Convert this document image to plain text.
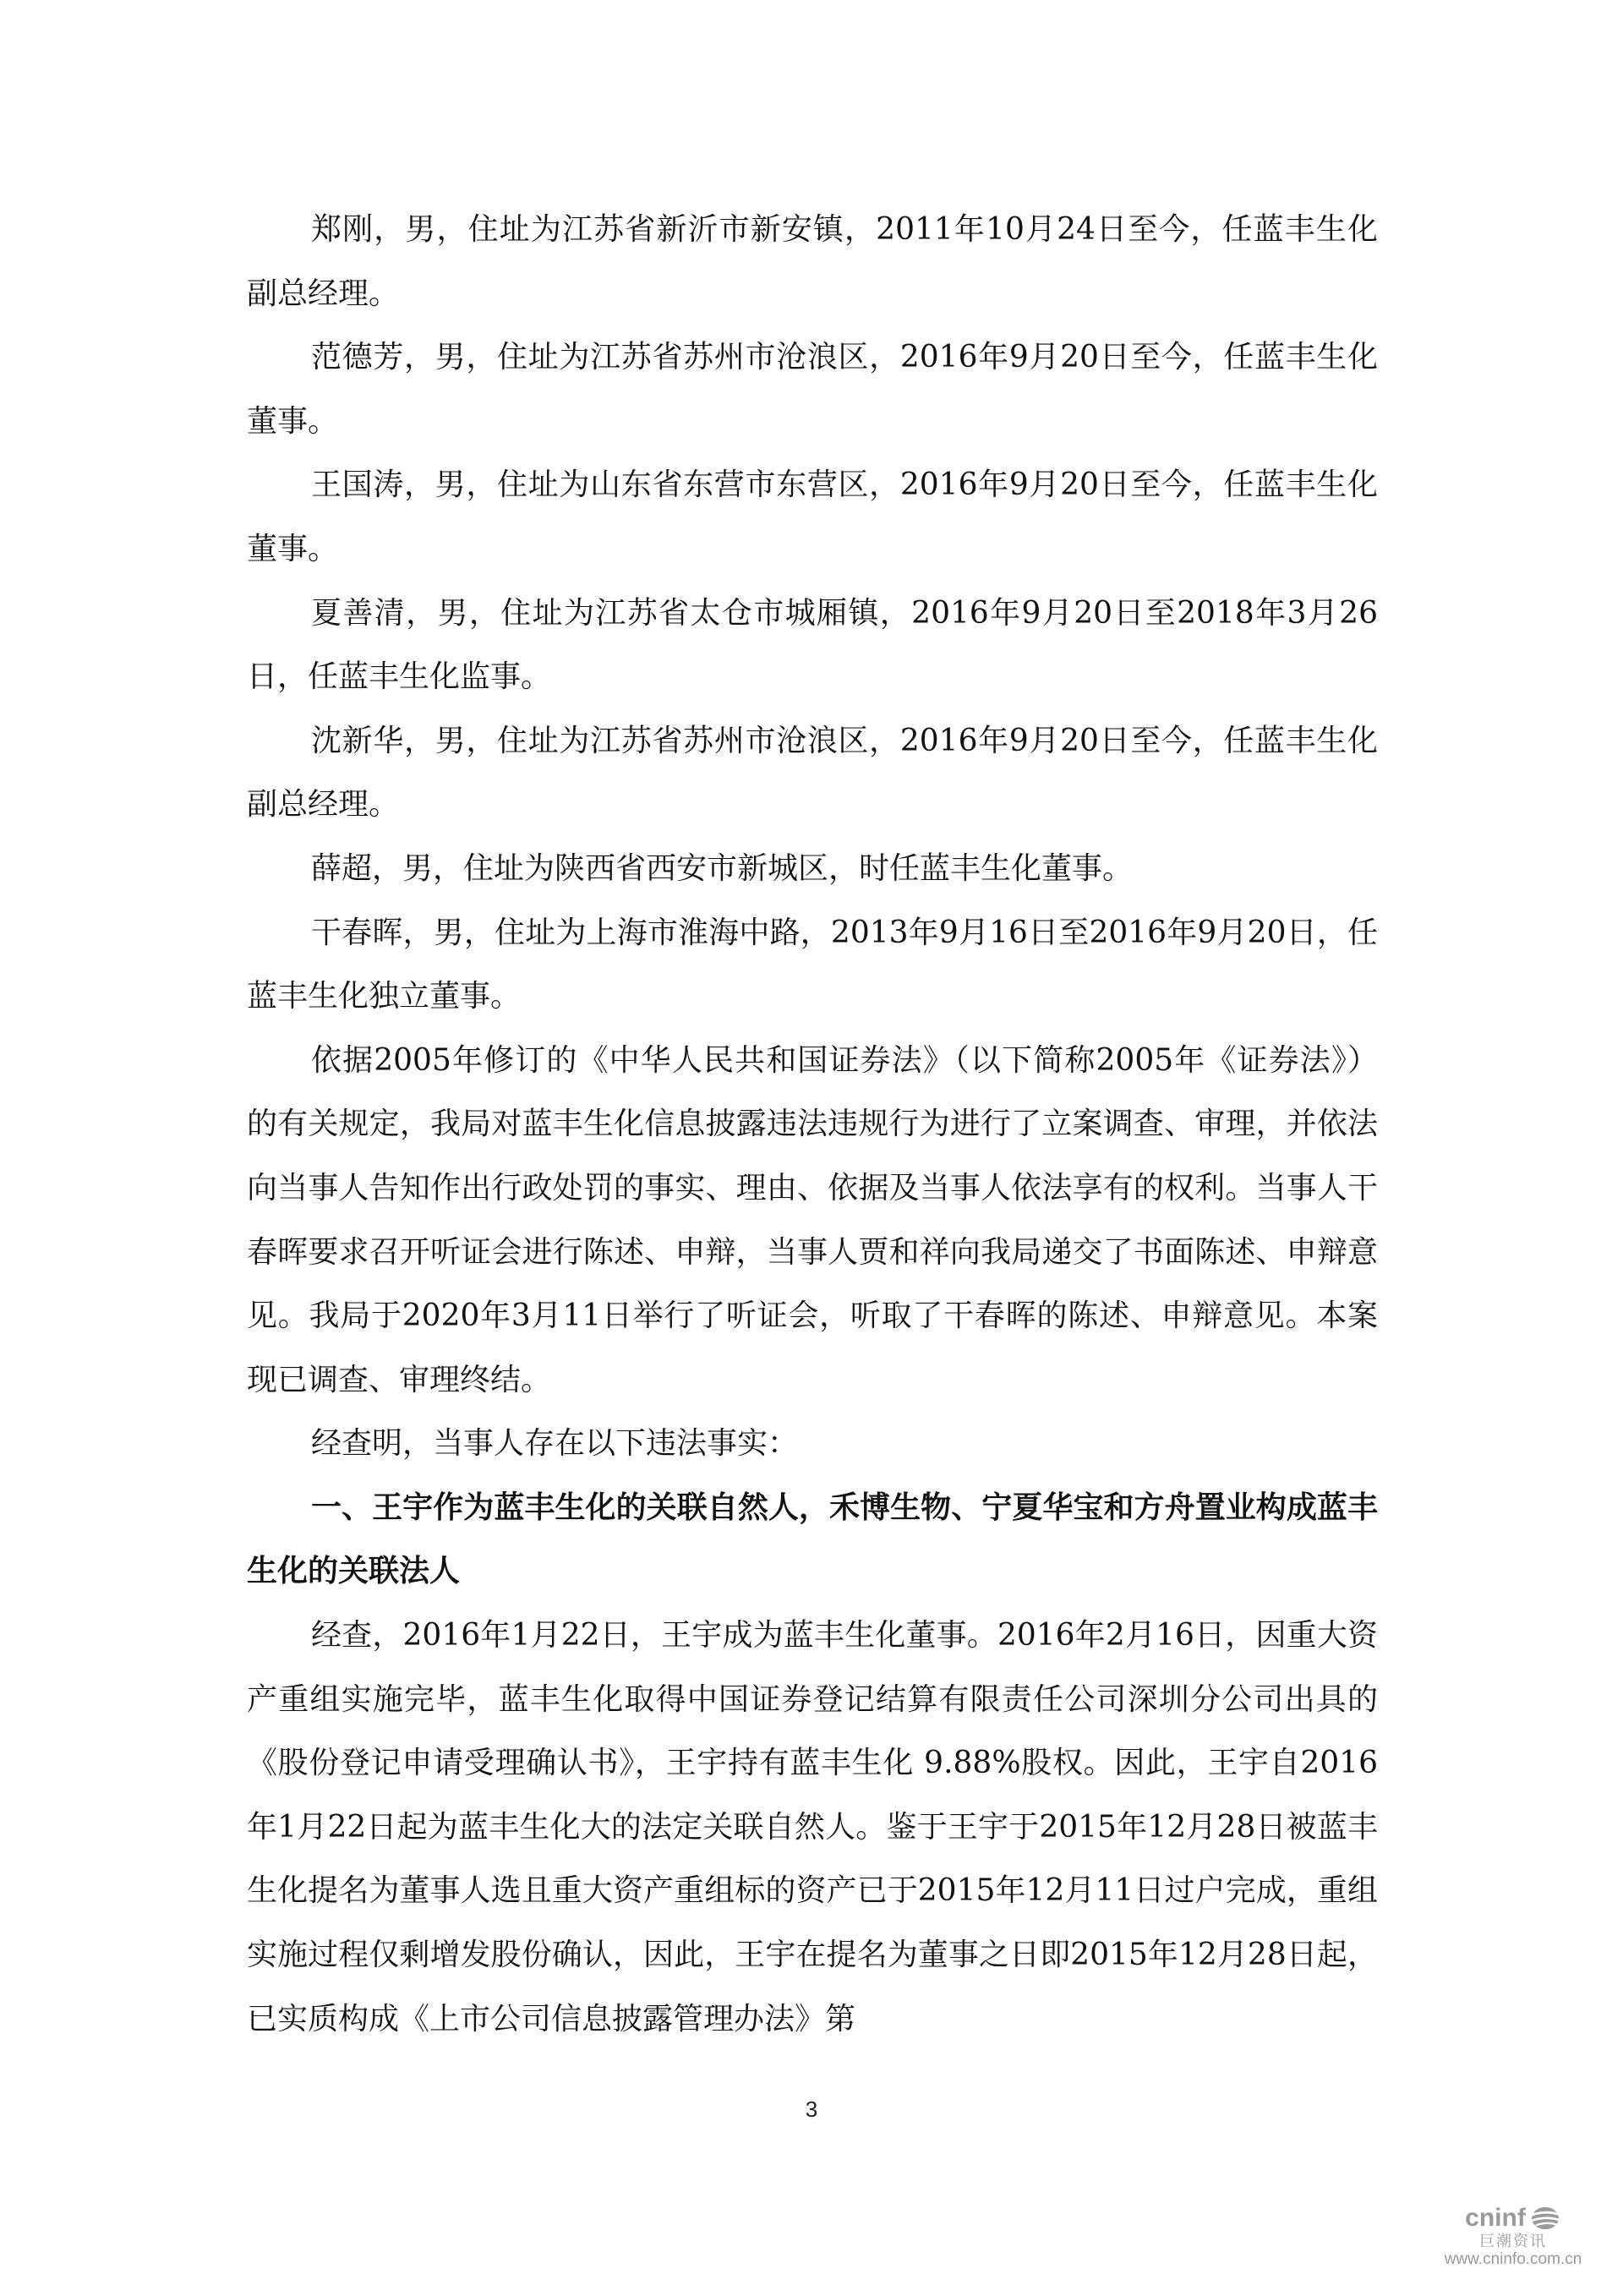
郑刚，男，住址为江苏省新沂市新安镇，2011年10月24日至今，任蓝丰生化副总经理。

范德芳，男，住址为江苏省苏州市沧浪区，2016年9月20日至今，任蓝丰生化董事。

王国涛，男，住址为山东省东营市东营区，2016年9月20日至今，任蓝丰生化董事。

夏善清，男，住址为江苏省太仓市城厢镇，2016年9月20日至2018年3月26日，任蓝丰生化监事。

沈新华，男，住址为江苏省苏州市沧浪区，2016年9月20日至今，任蓝丰生化副总经理。

薛超，男，住址为陕西省西安市新城区，时任蓝丰生化董事。

干春晖，男，住址为上海市淮海中路，2013年9月16日至2016年9月20日，任蓝丰生化独立董事。

依据2005年修订的《中华人民共和国证券法》（以下简称2005年《证券法》）的有关规定，我局对蓝丰生化信息披露违法违规行为进行了立案调查、审理，并依法向当事人告知作出行政处罚的事实、理由、依据及当事人依法享有的权利。当事人干春晖要求召开听证会进行陈述、申辩，当事人贾和祥向我局递交了书面陈述、申辩意见。我局于2020年3月11日举行了听证会，听取了干春晖的陈述、申辩意见。本案现已调查、审理终结。

经查明，当事人存在以下违法事实：

一、王宇作为蓝丰生化的关联自然人，禾博生物、宁夏华宝和方舟置业构成蓝丰生化的关联法人

经查，2016年1月22日，王宇成为蓝丰生化董事。2016年2月16日，因重大资产重组实施完毕，蓝丰生化取得中国证券登记结算有限责任公司深圳分公司出具的《股份登记申请受理确认书》，王宇持有蓝丰生化 9.88%股权。因此，王宇自2016年1月22日起为蓝丰生化大的法定关联自然人。鉴于王宇于2015年12月28日被蓝丰生化提名为董事人选且重大资产重组标的资产已于2015年12月11日过户完成，重组实施过程仅剩增发股份确认，因此，王宇在提名为董事之日即2015年12月28日起，已实质构成《上市公司信息披露管理办法》第

3
cninf
巨潮资讯
www.cninfo.com.cn
